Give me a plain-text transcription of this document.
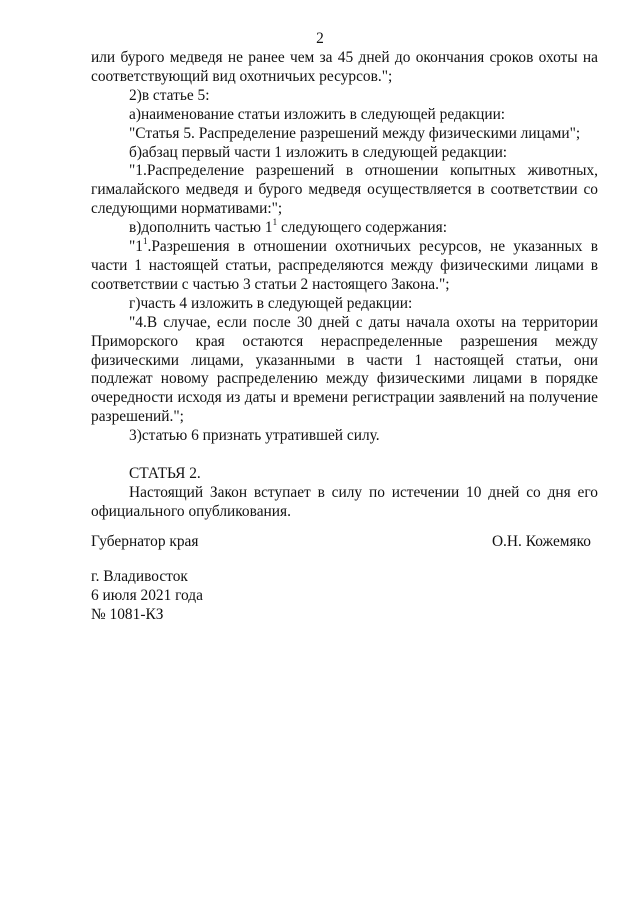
2

или бурого медведя не ранее чем за 45 дней до окончания сроков охоты на соответствующий вид охотничьих ресурсов.";

2)в статье 5:

а)наименование статьи изложить в следующей редакции:

"Статья 5. Распределение разрешений между физическими лицами";

б)абзац первый части 1 изложить в следующей редакции:

"1.Распределение разрешений в отношении копытных животных, гималайского медведя и бурого медведя осуществляется в соответствии со следующими нормативами:";

в)дополнить частью $1^1$ следующего содержания:

"$1^1.Разрешения$ в отношении охотничьих ресурсов, не указанных в части 1 настоящей статьи, распределяются между физическими лицами в соответствии с частью 3 статьи 2 настоящего Закона.";

г)часть 4 изложить в следующей редакции:

"4.В случае, если после 30 дней с даты начала охоты на территории Приморского края остаются нераспределенные разрешения между физическими лицами, указанными в части 1 настоящей статьи, они подлежат новому распределению между физическими лицами в порядке очередности исходя из даты и времени регистрации заявлений на получение разрешений.";

3)статью 6 признать утратившей силу.

СТАТЬЯ 2.

Настоящий Закон вступает в силу по истечении 10 дней со дня его официального опубликования.

Губернатор края	О.Н. Кожемяко
г. Владивосток
6 июля 2021 года
№ 1081-КЗ
